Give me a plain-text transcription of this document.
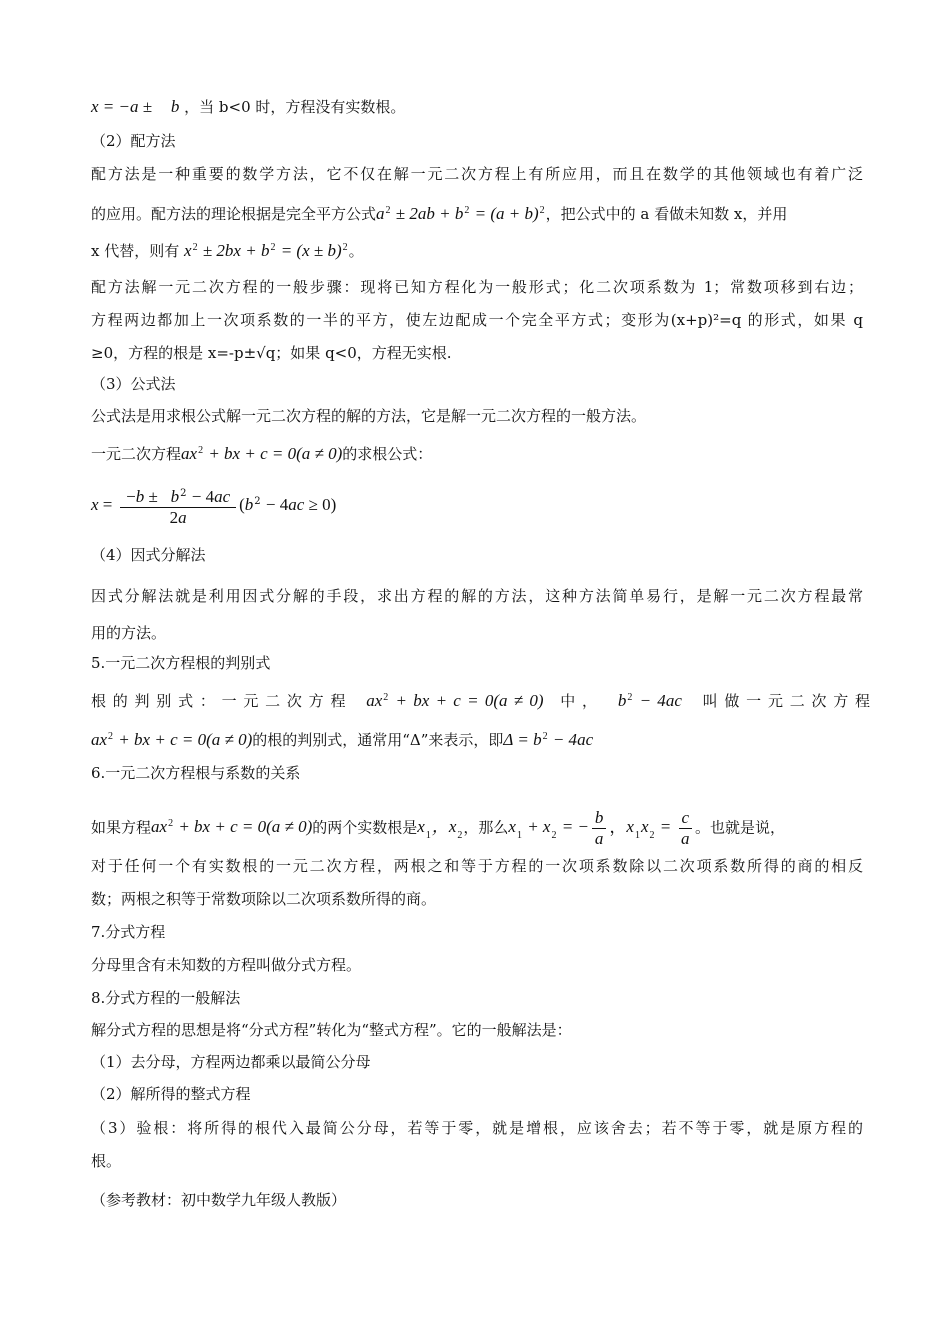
x = −a ± b ，当 b<0 时，方程没有实数根。
（2）配方法
配方法是一种重要的数学方法，它不仅在解一元二次方程上有所应用，而且在数学的其他领域也有着广泛
的应用。配方法的理论根据是完全平方公式$a^2 \pm 2ab + b^2 = (a + b)^2$，把公式中的 a 看做未知数 x，并用
x 代替，则有 $x^2 \pm 2bx + b^2 = (x \pm b)^2$。
配方法解一元二次方程的一般步骤：现将已知方程化为一般形式；化二次项系数为 1；常数项移到右边；
方程两边都加上一次项系数的一半的平方，使左边配成一个完全平方式；变形为(x+p)²=q 的形式，如果 q
≥0，方程的根是 x=-p±√q；如果 q<0，方程无实根.
（3）公式法
公式法是用求根公式解一元二次方程的解的方法，它是解一元二次方程的一般方法。
一元二次方程$ax^2$ + bx + c = 0(a ≠ 0)的求根公式：
$x = \frac{-b \pm b^2 - 4ac}{2a} (b^2 - 4ac \ge 0)$
（4）因式分解法
因式分解法就是利用因式分解的手段，求出方程的解的方法，这种方法简单易行，是解一元二次方程最常
用的方法。
5.一元二次方程根的判别式
根 的 判 别 式 ： 一 元 二 次 方 程 $ax^2$ + bx + c = 0(a ≠ 0) 中 ， $b^2 - 4ac$ 叫 做 一 元 二 次 方 程
$ax^2$ + bx + c = 0(a ≠ 0)的根的判别式，通常用“Δ”来表示，即$\Delta = b^2 - 4ac$
6.一元二次方程根与系数的关系
如果方程$ax^2$ + bx + c = 0(a ≠ 0)的两个实数根是$x_1$，$x_2$，那么$x_1 + x_2$ = − $\frac{b}{a}$ ，$x_1x_2 = \frac{c}{a}$ 。也就是说，
对于任何一个有实数根的一元二次方程，两根之和等于方程的一次项系数除以二次项系数所得的商的相反
数；两根之积等于常数项除以二次项系数所得的商。
7.分式方程
分母里含有未知数的方程叫做分式方程。
8.分式方程的一般解法
解分式方程的思想是将“分式方程”转化为“整式方程”。它的一般解法是：
（1）去分母，方程两边都乘以最简公分母
（2）解所得的整式方程
（3）验根：将所得的根代入最简公分母，若等于零，就是增根，应该舍去；若不等于零，就是原方程的
根。
（参考教材：初中数学九年级人教版）
